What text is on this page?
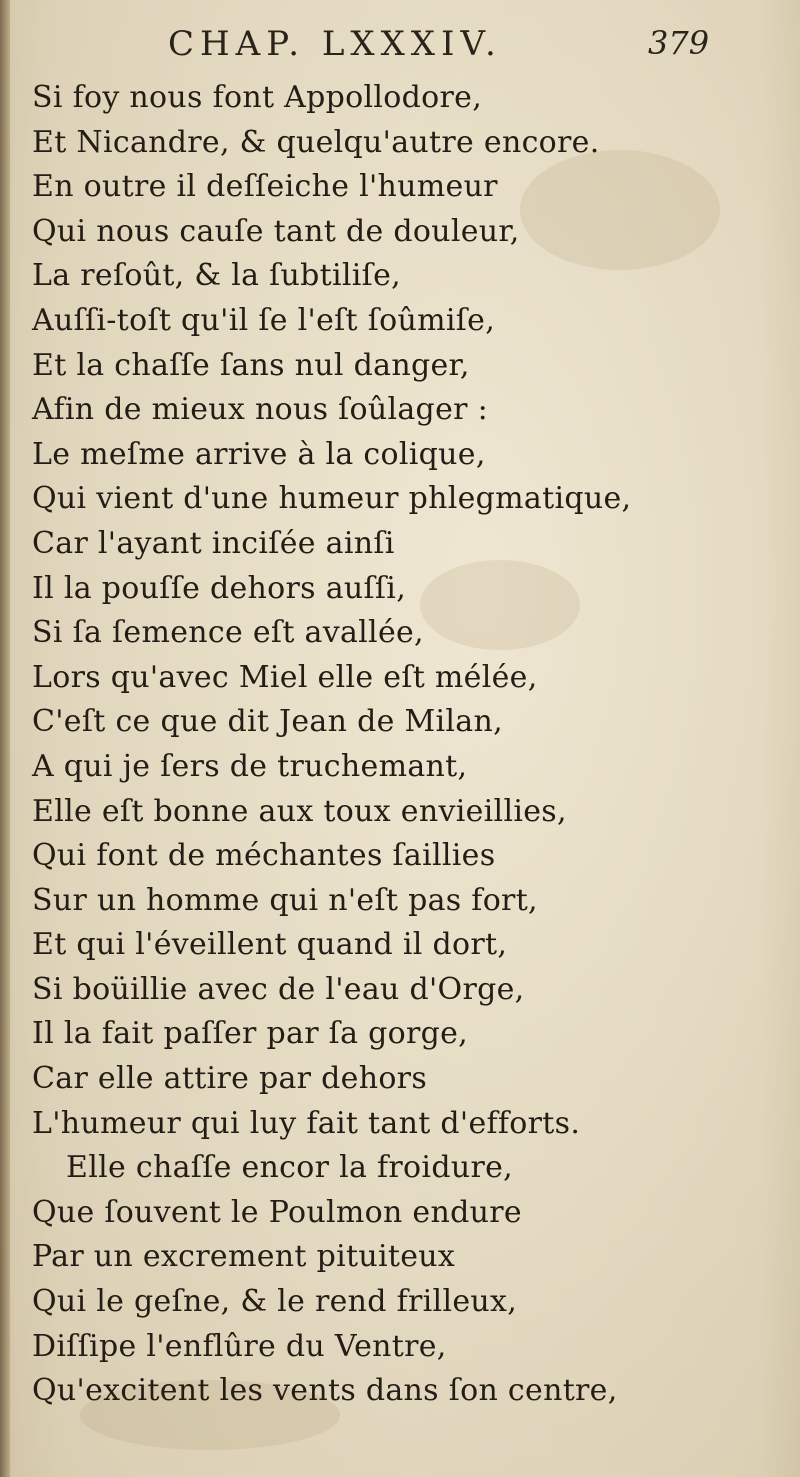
CHAP. LXXXIV.	379
Si foy nous font Appollodore,
Et Nicandre, & quelqu'autre encore.
En outre il deſſeiche l'humeur
Qui nous cauſe tant de douleur,
La reſoût, & la ſubtiliſe,
Auſſi-toſt qu'il ſe l'eſt ſoûmiſe,
Et la chaſſe ſans nul danger,
Afin de mieux nous ſoûlager :
Le meſme arrive à la colique,
Qui vient d'une humeur phlegmatique,
Car l'ayant inciſée ainſi
Il la pouſſe dehors auſſi,
Si ſa ſemence eſt avallée,
Lors qu'avec Miel elle eſt mélée,
C'eſt ce que dit Jean de Milan,
A qui je ſers de truchemant,
Elle eſt bonne aux toux envieillies,
Qui font de méchantes ſaillies
Sur un homme qui n'eſt pas fort,
Et qui l'éveillent quand il dort,
Si boüillie avec de l'eau d'Orge,
Il la fait paſſer par ſa gorge,
Car elle attire par dehors
L'humeur qui luy fait tant d'efforts.
Elle chaſſe encor la froidure,
Que ſouvent le Poulmon endure
Par un excrement pituiteux
Qui le geſne, & le rend frilleux,
Diſſipe l'enflûre du Ventre,
Qu'excitent les vents dans ſon centre,
